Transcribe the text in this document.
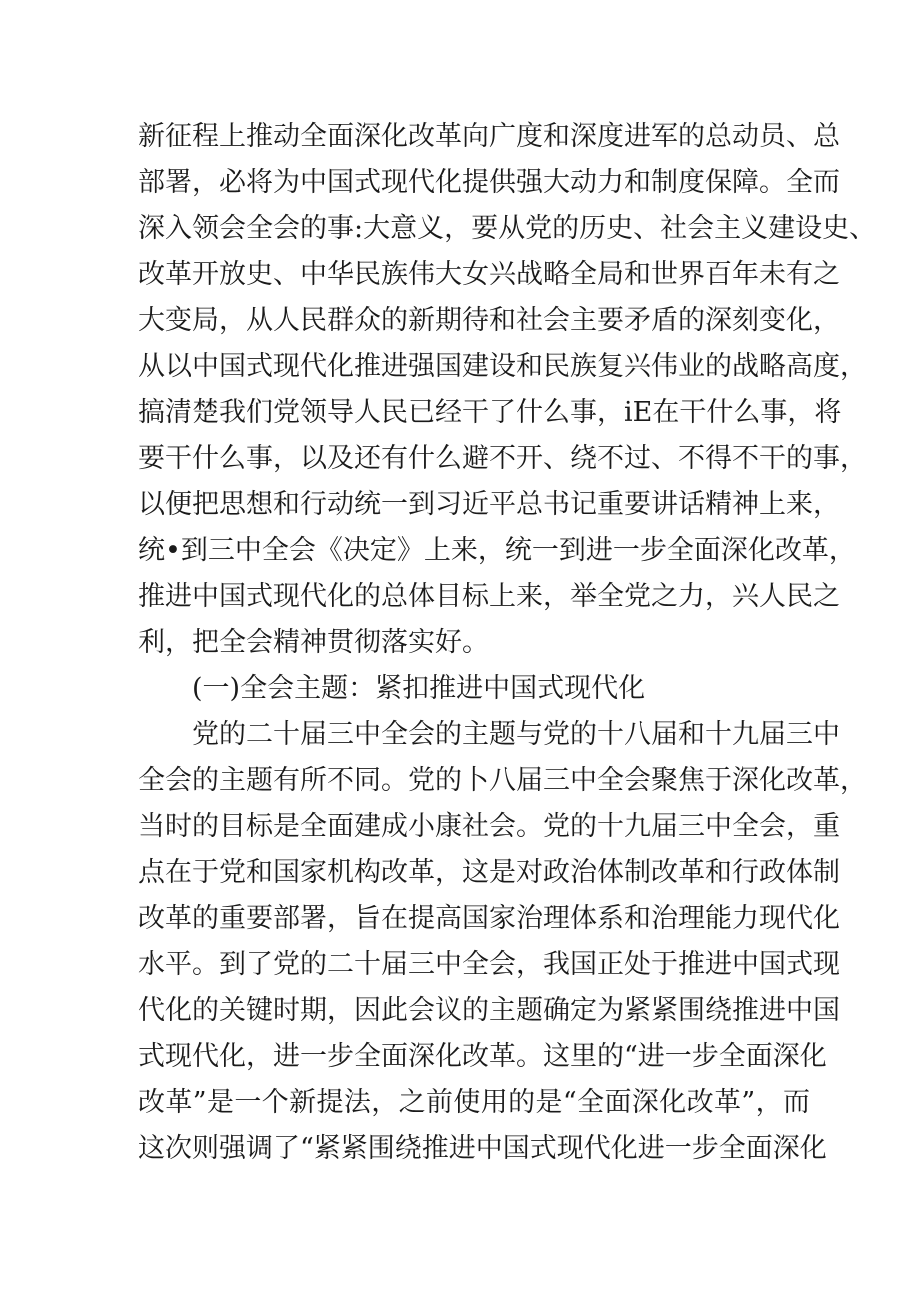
新征程上推动全面深化改革向广度和深度进军的总动员、总
部署，必将为中国式现代化提供强大动力和制度保障。全而
深入领会全会的事:大意义，要从党的历史、社会主义建设史、
改革开放史、中华民族伟大女兴战略全局和世界百年未有之
大变局，从人民群众的新期待和社会主要矛盾的深刻变化，
从以中国式现代化推进强国建设和民族复兴伟业的战略高度，
搞清楚我们党领导人民已经干了什么事，iE在干什么事，将
要干什么事，以及还有什么避不开、绕不过、不得不干的事，
以便把思想和行动统一到习近平总书记重要讲话精神上来，
统•到三中全会《决定》上来，统一到进一步全面深化改革，
推进中国式现代化的总体目标上来，举全党之力，兴人民之
利，把全会精神贯彻落实好。
(一)全会主题：紧扣推进中国式现代化
党的二十届三中全会的主题与党的十八届和十九届三中
全会的主题有所不同。党的卜八届三中全会聚焦于深化改革，
当时的目标是全面建成小康社会。党的十九届三中全会，重
点在于党和国家机构改革，这是对政治体制改革和行政体制
改革的重要部署，旨在提高国家治理体系和治理能力现代化
水平。到了党的二十届三中全会，我国正处于推进中国式现
代化的关键时期，因此会议的主题确定为紧紧围绕推进中国
式现代化，进一步全面深化改革。这里的“进一步全面深化
改革”是一个新提法，之前使用的是“全面深化改革”，而
这次则强调了“紧紧围绕推进中国式现代化进一步全面深化
